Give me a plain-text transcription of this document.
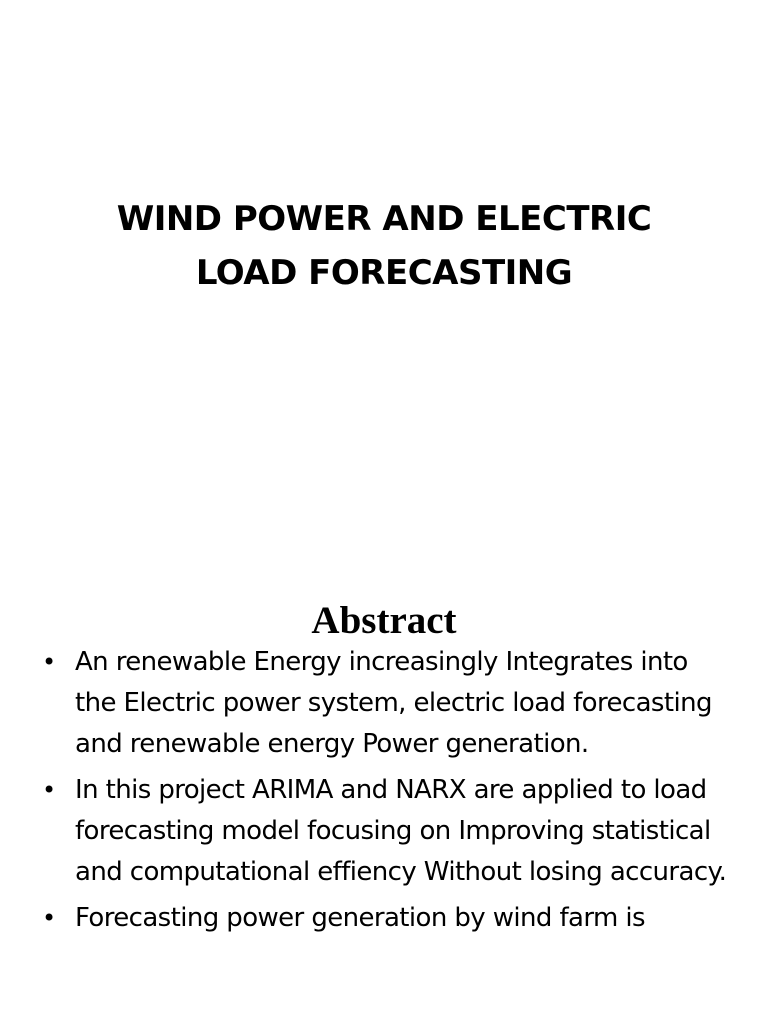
WIND POWER AND ELECTRIC
LOAD FORECASTING
Abstract
• An renewable Energy increasingly Integrates into the Electric power system, electric load forecasting and renewable energy Power generation.
• In this project ARIMA and NARX are applied to load forecasting model focusing on Improving statistical and computational effiency Without losing accuracy.
• Forecasting power generation by wind farm is
